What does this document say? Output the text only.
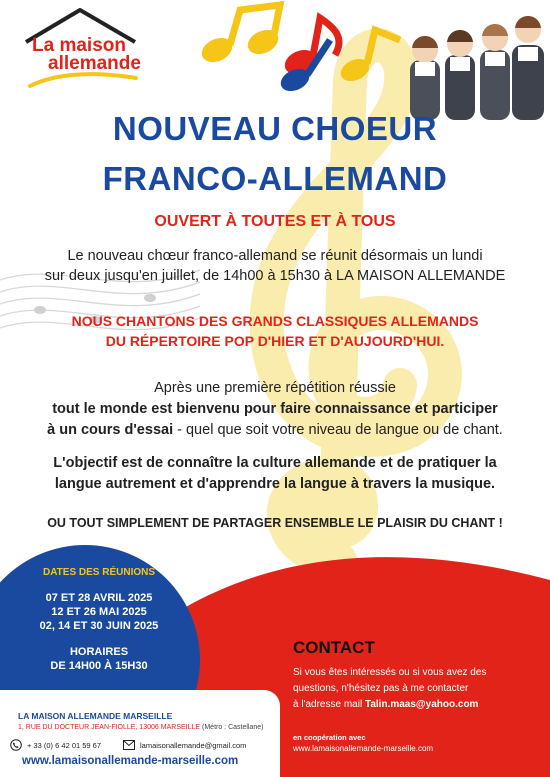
La maison
allemande
NOUVEAU CHOEUR
FRANCO-ALLEMAND
OUVERT À TOUTES ET À TOUS
Le nouveau chœur franco-allemand se réunit désormais un lundi
sur deux jusqu'en juillet, de 14h00 à 15h30 à LA MAISON ALLEMANDE
NOUS CHANTONS DES GRANDS CLASSIQUES ALLEMANDS
DU RÉPERTOIRE POP D'HIER ET D'AUJOURD'HUI.
Après une première répétition réussie
tout le monde est bienvenu pour faire connaissance et participer
à un cours d'essai - quel que soit votre niveau de langue ou de chant.
L'objectif est de connaître la culture allemande et de pratiquer la
langue autrement et d'apprendre la langue à travers la musique.
OU TOUT SIMPLEMENT DE PARTAGER ENSEMBLE LE PLAISIR DU CHANT !
DATES DES RÉUNIONS
07 ET 28 AVRIL 2025
12 ET 26 MAI 2025
02, 14 ET 30 JUIN 2025
HORAIRES
DE 14H00 À 15H30
CONTACT
Si vous êtes intéressés ou si vous avez des
questions, n'hésitez pas à me contacter
à l'adresse mail Talin.maas@yahoo.com
en coopération avec
www.lamaisonallemande-marseille.com
LA MAISON ALLEMANDE MARSEILLE
1, RUE DU DOCTEUR JEAN-FIOLLE, 13006 MARSEILLE (Métro : Castellane)
+ 33 (0) 6 42 01 59 67	lamaisonallemande@gmail.com
www.lamaisonallemande-marseille.com
